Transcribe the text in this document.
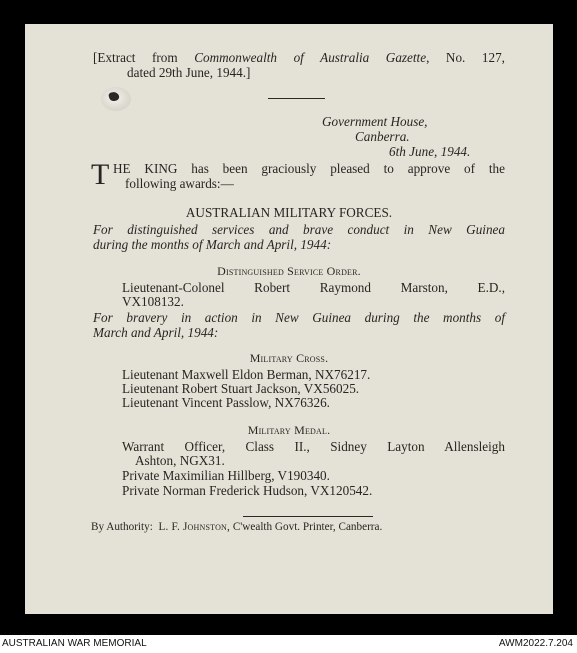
[Extract from Commonwealth of Australia Gazette, No. 127,
dated 29th June, 1944.]
Government House,
Canberra.
6th June, 1944.
T HE KING has been graciously pleased to approve of the
following awards:—
AUSTRALIAN MILITARY FORCES.
For distinguished services and brave conduct in New Guinea
during the months of March and April, 1944:
Distinguished Service Order.
Lieutenant-Colonel Robert Raymond Marston, E.D.,
VX108132.
For bravery in action in New Guinea during the months of
March and April, 1944:
Military Cross.
Lieutenant Maxwell Eldon Berman, NX76217.
Lieutenant Robert Stuart Jackson, VX56025.
Lieutenant Vincent Passlow, NX76326.
Military Medal.
Warrant Officer, Class II., Sidney Layton Allensleigh
Ashton, NGX31.
Private Maximilian Hillberg, V190340.
Private Norman Frederick Hudson, VX120542.
By Authority: L. F. Johnston, C'wealth Govt. Printer, Canberra.
AUSTRALIAN WAR MEMORIAL	AWM2022.7.204
